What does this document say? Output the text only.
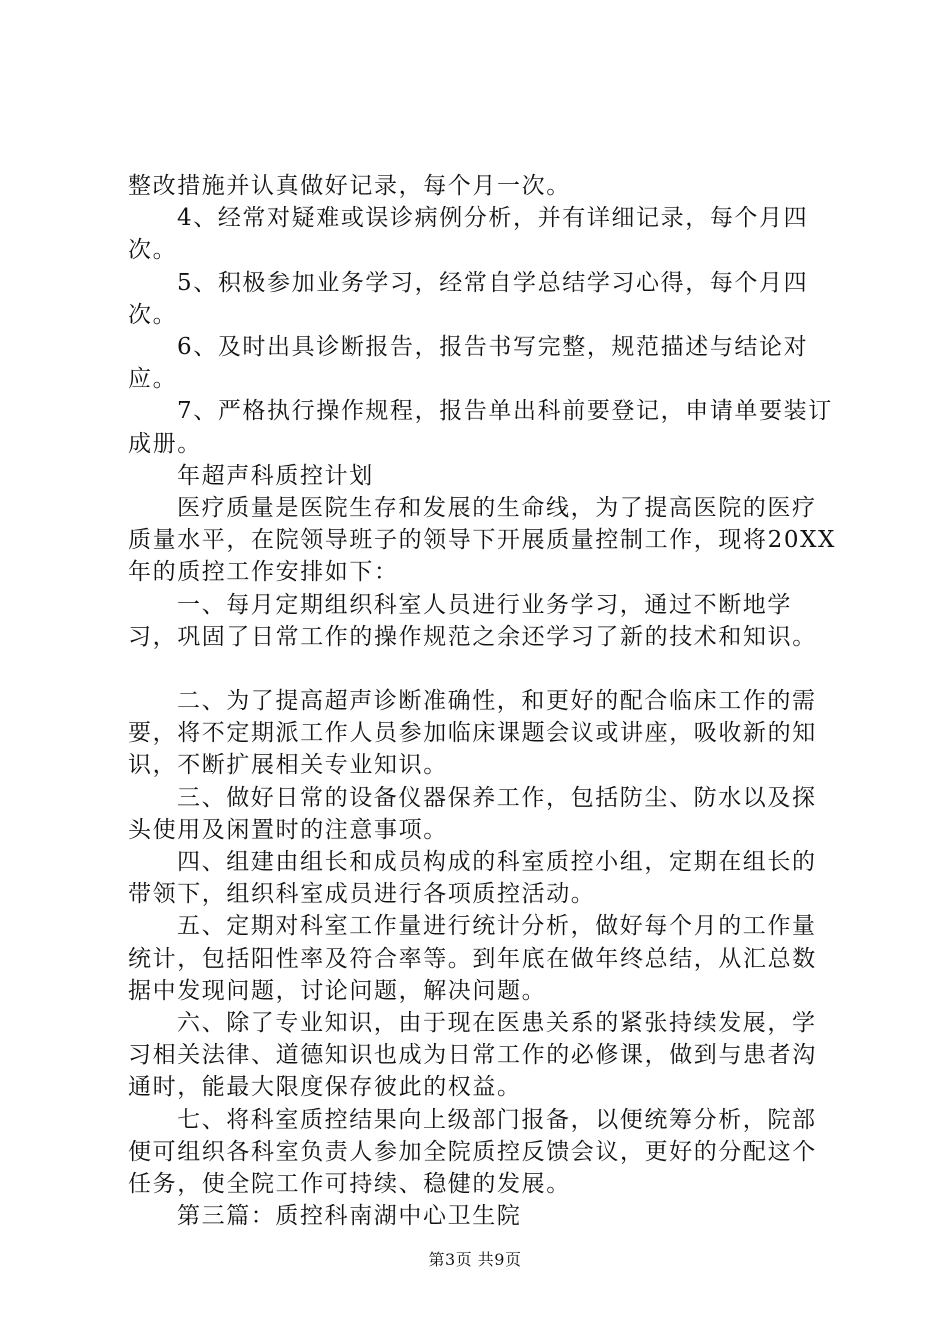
整改措施并认真做好记录，每个月一次。

4、经常对疑难或误诊病例分析，并有详细记录，每个月四次。

5、积极参加业务学习，经常自学总结学习心得，每个月四次。

6、及时出具诊断报告，报告书写完整，规范描述与结论对应。

7、严格执行操作规程，报告单出科前要登记，申请单要装订成册。

年超声科质控计划

医疗质量是医院生存和发展的生命线，为了提高医院的医疗质量水平，在院领导班子的领导下开展质量控制工作，现将20XX年的质控工作安排如下：

一、每月定期组织科室人员进行业务学习，通过不断地学习，巩固了日常工作的操作规范之余还学习了新的技术和知识。

二、为了提高超声诊断准确性，和更好的配合临床工作的需要，将不定期派工作人员参加临床课题会议或讲座，吸收新的知识，不断扩展相关专业知识。

三、做好日常的设备仪器保养工作，包括防尘、防水以及探头使用及闲置时的注意事项。

四、组建由组长和成员构成的科室质控小组，定期在组长的带领下，组织科室成员进行各项质控活动。

五、定期对科室工作量进行统计分析，做好每个月的工作量统计，包括阳性率及符合率等。到年底在做年终总结，从汇总数据中发现问题，讨论问题，解决问题。

六、除了专业知识，由于现在医患关系的紧张持续发展，学习相关法律、道德知识也成为日常工作的必修课，做到与患者沟通时，能最大限度保存彼此的权益。

七、将科室质控结果向上级部门报备，以便统筹分析，院部便可组织各科室负责人参加全院质控反馈会议，更好的分配这个任务，使全院工作可持续、稳健的发展。

第三篇：质控科南湖中心卫生院

第3页 共9页
